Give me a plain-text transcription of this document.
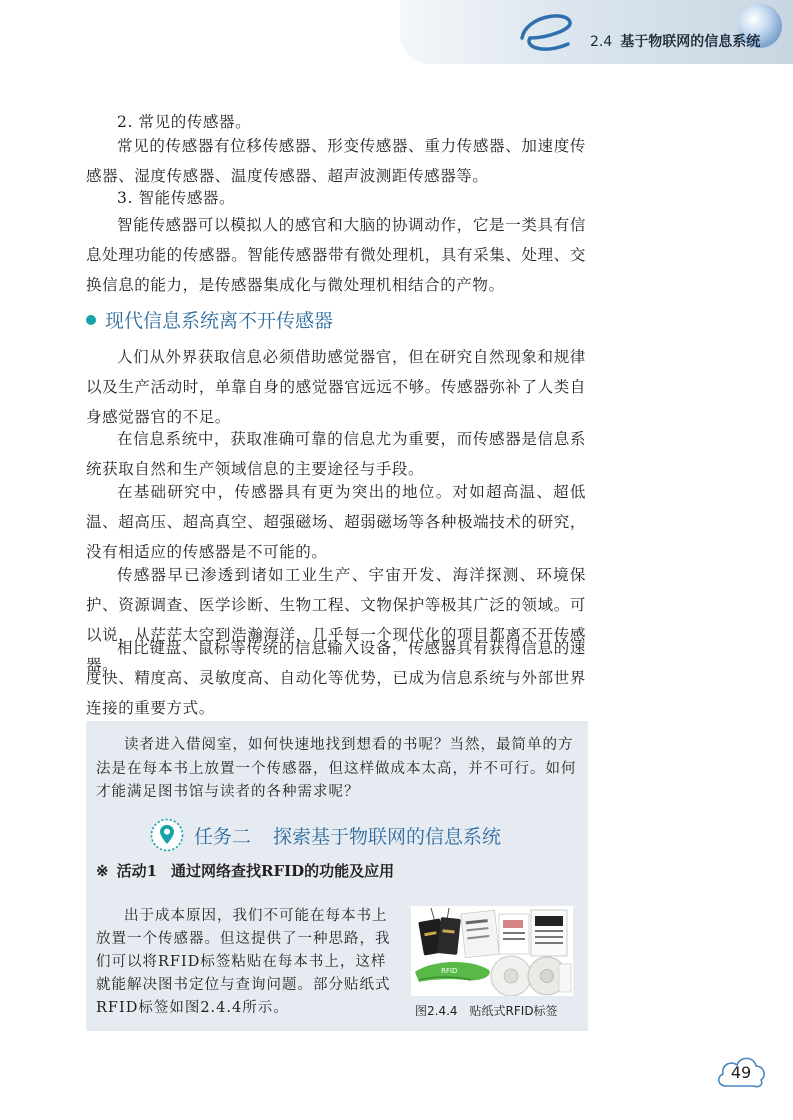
2.4 基于物联网的信息系统
2. 常见的传感器。
常见的传感器有位移传感器、形变传感器、重力传感器、加速度传感器、湿度传感器、温度传感器、超声波测距传感器等。
3. 智能传感器。
智能传感器可以模拟人的感官和大脑的协调动作，它是一类具有信息处理功能的传感器。智能传感器带有微处理机，具有采集、处理、交换信息的能力，是传感器集成化与微处理机相结合的产物。
现代信息系统离不开传感器
人们从外界获取信息必须借助感觉器官，但在研究自然现象和规律以及生产活动时，单靠自身的感觉器官远远不够。传感器弥补了人类自身感觉器官的不足。
在信息系统中，获取准确可靠的信息尤为重要，而传感器是信息系统获取自然和生产领域信息的主要途径与手段。
在基础研究中，传感器具有更为突出的地位。对如超高温、超低温、超高压、超高真空、超强磁场、超弱磁场等各种极端技术的研究，没有相适应的传感器是不可能的。
传感器早已渗透到诸如工业生产、宇宙开发、海洋探测、环境保护、资源调查、医学诊断、生物工程、文物保护等极其广泛的领域。可以说，从茫茫太空到浩瀚海洋，几乎每一个现代化的项目都离不开传感器。
相比键盘、鼠标等传统的信息输入设备，传感器具有获得信息的速度快、精度高、灵敏度高、自动化等优势，已成为信息系统与外部世界连接的重要方式。
读者进入借阅室，如何快速地找到想看的书呢？当然，最简单的方法是在每本书上放置一个传感器，但这样做成本太高，并不可行。如何才能满足图书馆与读者的各种需求呢？
任务二 探索基于物联网的信息系统
※ 活动1 通过网络查找RFID的功能及应用
出于成本原因，我们不可能在每本书上放置一个传感器。但这提供了一种思路，我们可以将RFID标签粘贴在每本书上，这样就能解决图书定位与查询问题。部分贴纸式RFID标签如图2.4.4所示。
RFID
图2.4.4　贴纸式RFID标签
49
